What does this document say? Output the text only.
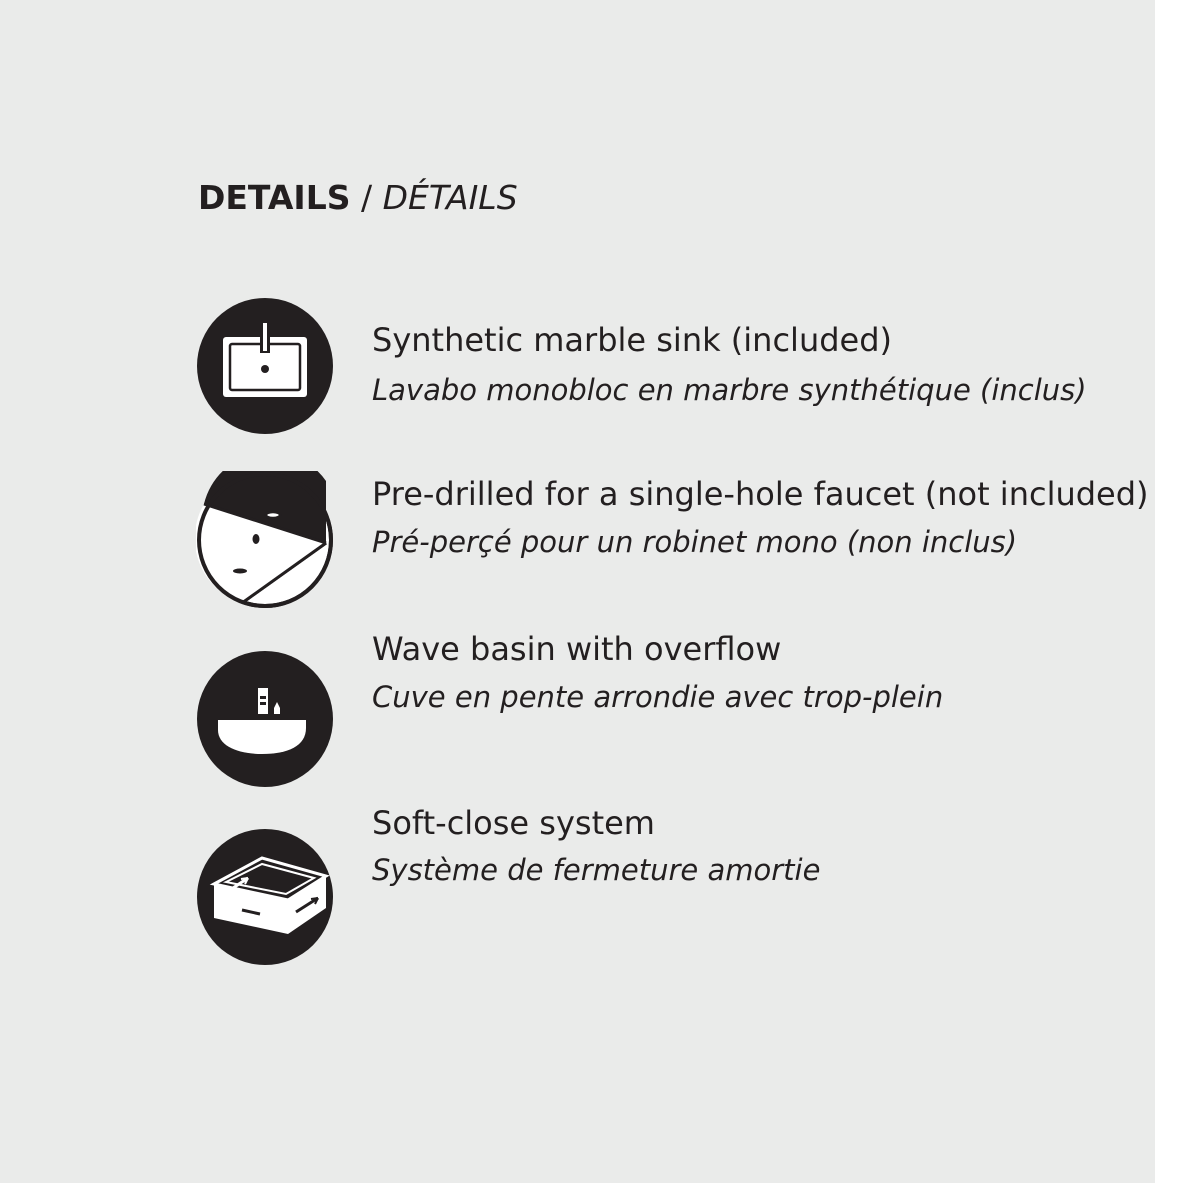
DETAILS / DÉTAILS
Synthetic marble sink (included)
Lavabo monobloc en marbre synthétique (inclus)
Pre-drilled for a single-hole faucet (not included)
Pré-perçé pour un robinet mono (non inclus)
Wave basin with overflow
Cuve en pente arrondie avec trop-plein
Soft-close system
Système de fermeture amortie
